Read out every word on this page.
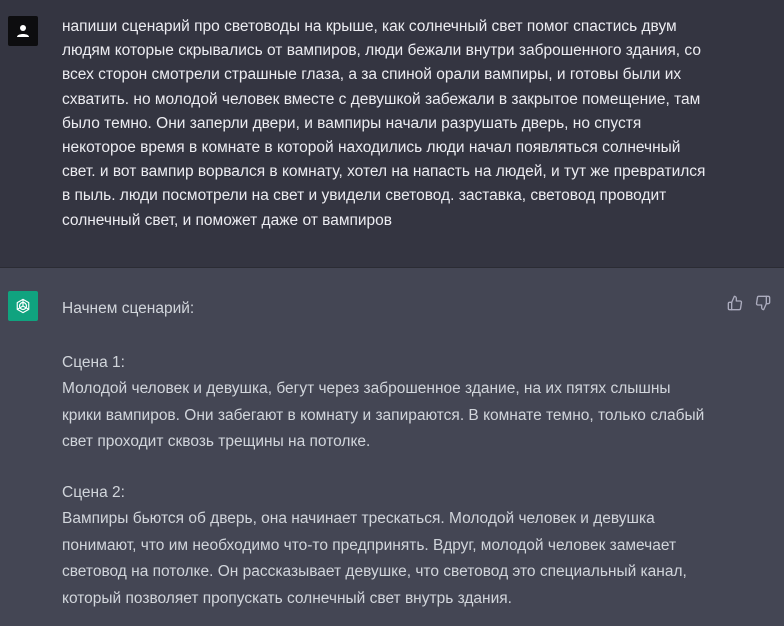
напиши сценарий про световоды на крыше, как солнечный свет помог спастись двум людям которые скрывались от вампиров, люди бежали внутри заброшенного здания, со всех сторон смотрели страшные глаза, а за спиной орали вампиры, и готовы были их схватить. но молодой человек вместе с девушкой забежали в закрытое помещение, там было темно. Они заперли двери, и вампиры начали разрушать дверь, но спустя некоторое время в комнате в которой находились люди начал появляться солнечный свет. и вот вампир ворвался в комнату, хотел на напасть на людей, и тут же превратился в пыль. люди посмотрели на свет и увидели световод. заставка, световод проводит солнечный свет, и поможет даже от вампиров

Начнем сценарий:

Сцена 1:
Молодой человек и девушка, бегут через заброшенное здание, на их пятях слышны крики вампиров. Они забегают в комнату и запираются. В комнате темно, только слабый свет проходит сквозь трещины на потолке.

Сцена 2:
Вампиры бьются об дверь, она начинает трескаться. Молодой человек и девушка понимают, что им необходимо что-то предпринять. Вдруг, молодой человек замечает световод на потолке. Он рассказывает девушке, что световод это специальный канал, который позволяет пропускать солнечный свет внутрь здания.
